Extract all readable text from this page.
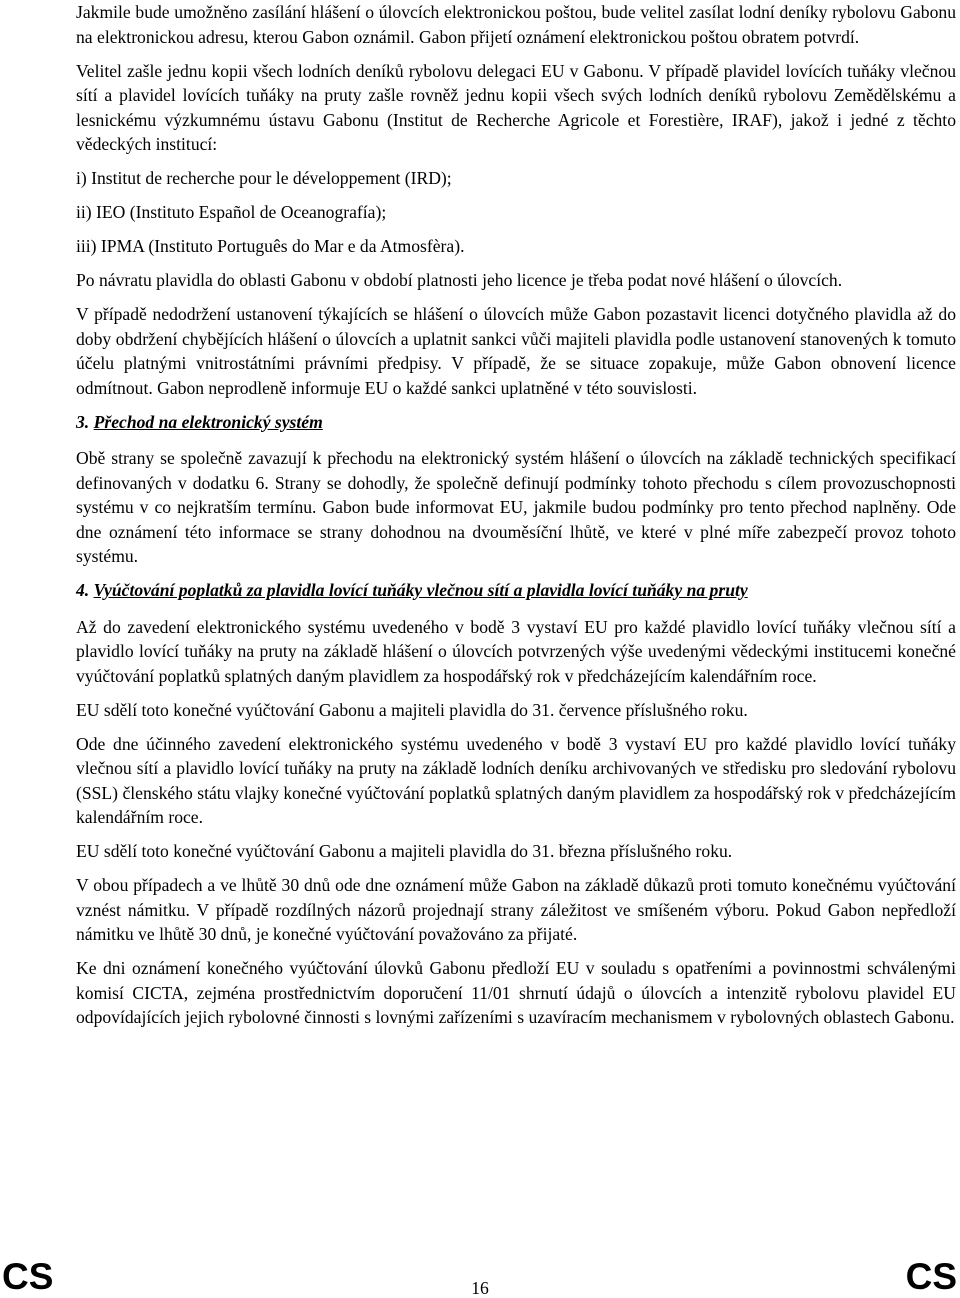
Jakmile bude umožněno zasílání hlášení o úlovcích elektronickou poštou, bude velitel zasílat lodní deníky rybolovu Gabonu na elektronickou adresu, kterou Gabon oznámil. Gabon přijetí oznámení elektronickou poštou obratem potvrdí.

Velitel zašle jednu kopii všech lodních deníků rybolovu delegaci EU v Gabonu. V případě plavidel lovících tuňáky vlečnou sítí a plavidel lovících tuňáky na pruty zašle rovněž jednu kopii všech svých lodních deníků rybolovu Zemědělskému a lesnickému výzkumnému ústavu Gabonu (Institut de Recherche Agricole et Forestière, IRAF), jakož i jedné z těchto vědeckých institucí:

i) Institut de recherche pour le développement (IRD);

ii) IEO (Instituto Español de Oceanografía);

iii) IPMA (Instituto Português do Mar e da Atmosfèra).

Po návratu plavidla do oblasti Gabonu v období platnosti jeho licence je třeba podat nové hlášení o úlovcích.

V případě nedodržení ustanovení týkajících se hlášení o úlovcích může Gabon pozastavit licenci dotyčného plavidla až do doby obdržení chybějících hlášení o úlovcích a uplatnit sankci vůči majiteli plavidla podle ustanovení stanovených k tomuto účelu platnými vnitrostátními právními předpisy. V případě, že se situace zopakuje, může Gabon obnovení licence odmítnout. Gabon neprodleně informuje EU o každé sankci uplatněné v této souvislosti.

3. Přechod na elektronický systém

Obě strany se společně zavazují k přechodu na elektronický systém hlášení o úlovcích na základě technických specifikací definovaných v dodatku 6. Strany se dohodly, že společně definují podmínky tohoto přechodu s cílem provozuschopnosti systému v co nejkratším termínu. Gabon bude informovat EU, jakmile budou podmínky pro tento přechod naplněny. Ode dne oznámení této informace se strany dohodnou na dvouměsíční lhůtě, ve které v plné míře zabezpečí provoz tohoto systému.

4. Vyúčtování poplatků za plavidla lovící tuňáky vlečnou sítí a plavidla lovící tuňáky na pruty

Až do zavedení elektronického systému uvedeného v bodě 3 vystaví EU pro každé plavidlo lovící tuňáky vlečnou sítí a plavidlo lovící tuňáky na pruty na základě hlášení o úlovcích potvrzených výše uvedenými vědeckými institucemi konečné vyúčtování poplatků splatných daným plavidlem za hospodářský rok v předcházejícím kalendářním roce.

EU sdělí toto konečné vyúčtování Gabonu a majiteli plavidla do 31. července příslušného roku.

Ode dne účinného zavedení elektronického systému uvedeného v bodě 3 vystaví EU pro každé plavidlo lovící tuňáky vlečnou sítí a plavidlo lovící tuňáky na pruty na základě lodních deníku archivovaných ve středisku pro sledování rybolovu (SSL) členského státu vlajky konečné vyúčtování poplatků splatných daným plavidlem za hospodářský rok v předcházejícím kalendářním roce.

EU sdělí toto konečné vyúčtování Gabonu a majiteli plavidla do 31. března příslušného roku.

V obou případech a ve lhůtě 30 dnů ode dne oznámení může Gabon na základě důkazů proti tomuto konečnému vyúčtování vznést námitku. V případě rozdílných názorů projednají strany záležitost ve smíšeném výboru. Pokud Gabon nepředloží námitku ve lhůtě 30 dnů, je konečné vyúčtování považováno za přijaté.

Ke dni oznámení konečného vyúčtování úlovků Gabonu předloží EU v souladu s opatřeními a povinnostmi schválenými komisí CICTA, zejména prostřednictvím doporučení 11/01 shrnutí údajů o úlovcích a intenzitě rybolovu plavidel EU odpovídajících jejich rybolovné činnosti s lovnými zařízeními s uzavíracím mechanismem v rybolovných oblastech Gabonu.

CS	16	CS
